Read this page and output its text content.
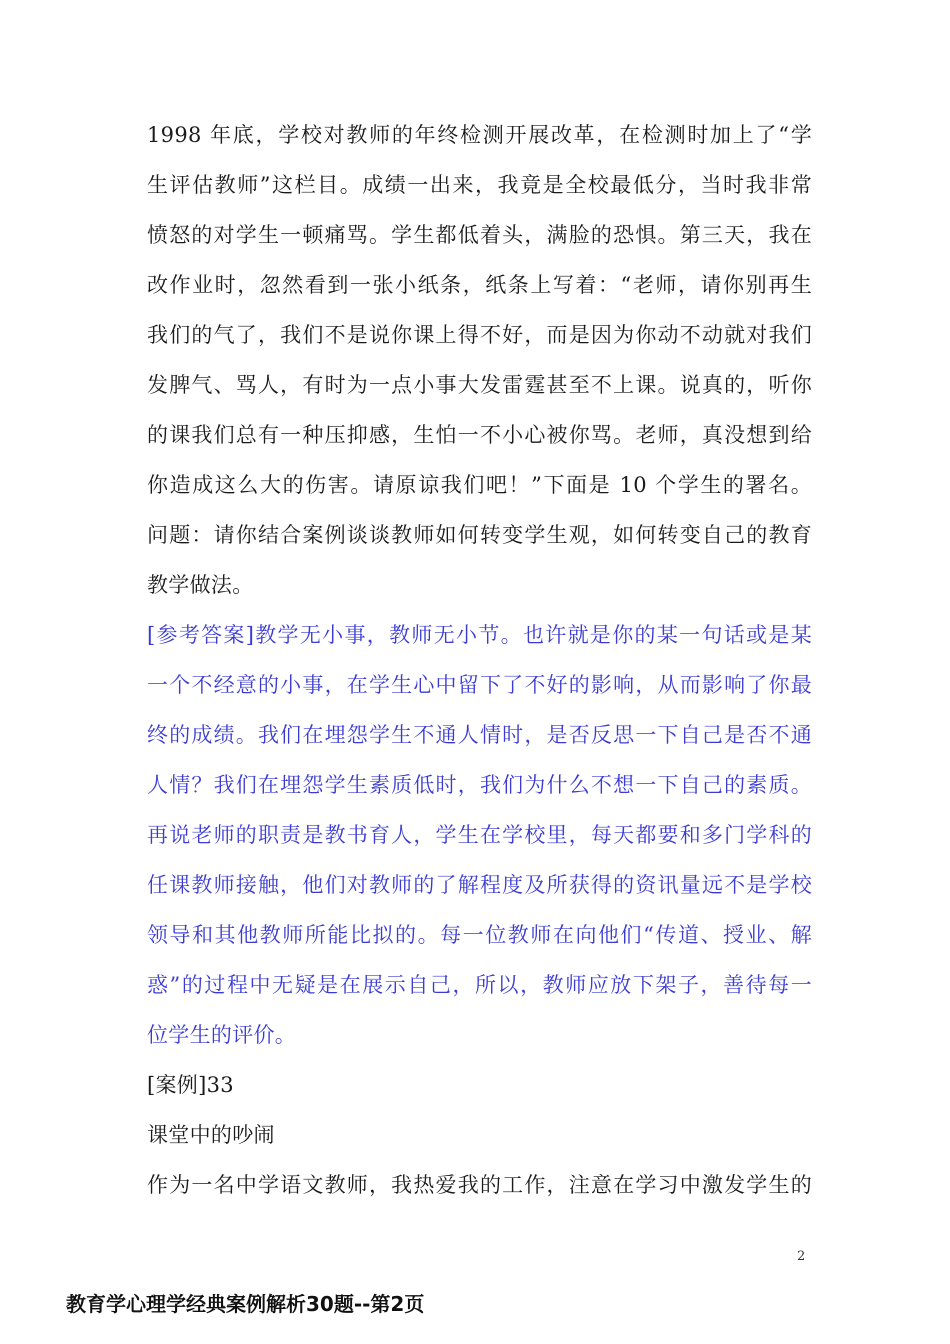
1998 年底，学校对教师的年终检测开展改革，在检测时加上了“学
生评估教师”这栏目。成绩一出来，我竟是全校最低分，当时我非常
愤怒的对学生一顿痛骂。学生都低着头，满脸的恐惧。第三天，我在
改作业时，忽然看到一张小纸条，纸条上写着：“老师，请你别再生
我们的气了，我们不是说你课上得不好，而是因为你动不动就对我们
发脾气、骂人，有时为一点小事大发雷霆甚至不上课。说真的，听你
的课我们总有一种压抑感，生怕一不小心被你骂。老师，真没想到给
你造成这么大的伤害。请原谅我们吧！”下面是 10 个学生的署名。
问题：请你结合案例谈谈教师如何转变学生观，如何转变自己的教育
教学做法。
[参考答案]教学无小事，教师无小节。也许就是你的某一句话或是某
一个不经意的小事，在学生心中留下了不好的影响，从而影响了你最
终的成绩。我们在埋怨学生不通人情时，是否反思一下自己是否不通
人情？我们在埋怨学生素质低时，我们为什么不想一下自己的素质。
再说老师的职责是教书育人，学生在学校里，每天都要和多门学科的
任课教师接触，他们对教师的了解程度及所获得的资讯量远不是学校
领导和其他教师所能比拟的。每一位教师在向他们“传道、授业、解
惑”的过程中无疑是在展示自己，所以，教师应放下架子，善待每一
位学生的评价。
[案例]33
课堂中的吵闹
作为一名中学语文教师，我热爱我的工作，注意在学习中激发学生的
2
教育学心理学经典案例解析30题--第2页
